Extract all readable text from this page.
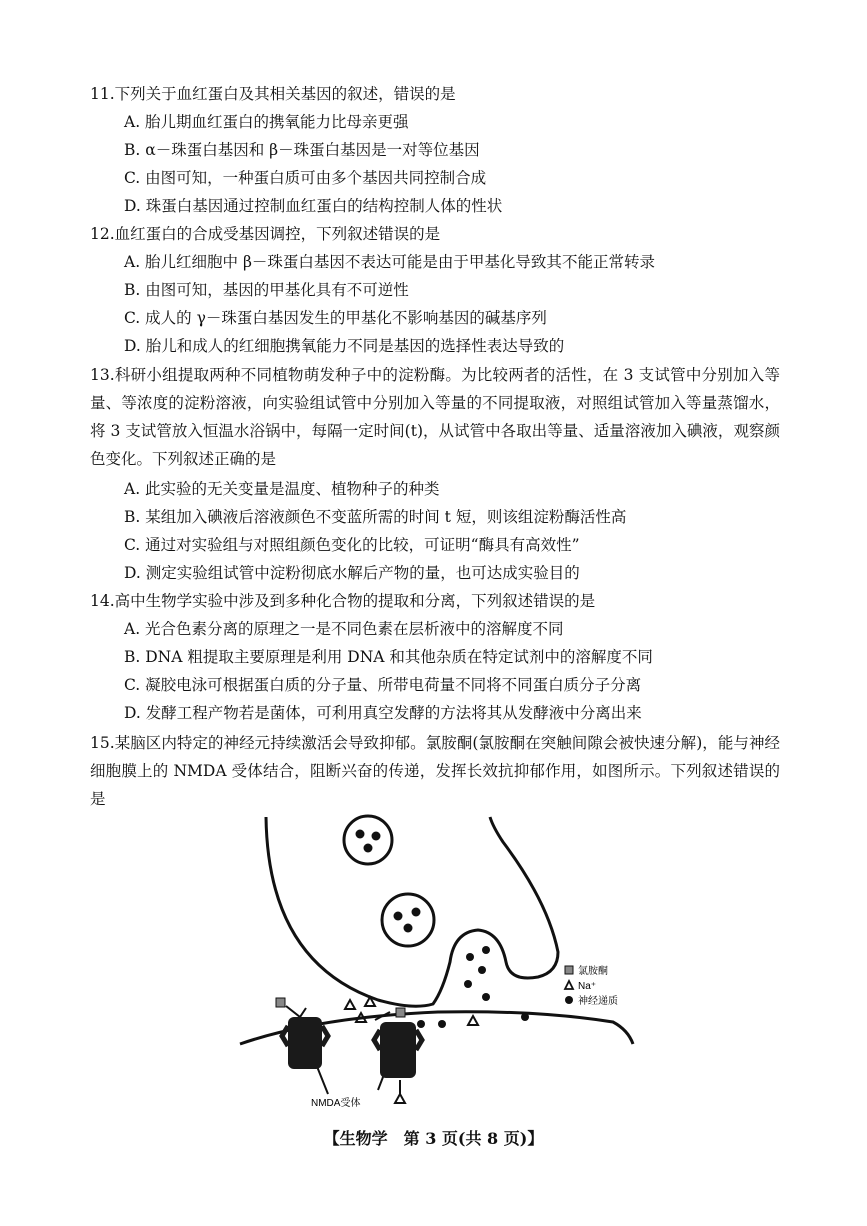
11.下列关于血红蛋白及其相关基因的叙述，错误的是
A. 胎儿期血红蛋白的携氧能力比母亲更强
B. α－珠蛋白基因和 β－珠蛋白基因是一对等位基因
C. 由图可知，一种蛋白质可由多个基因共同控制合成
D. 珠蛋白基因通过控制血红蛋白的结构控制人体的性状
12.血红蛋白的合成受基因调控，下列叙述错误的是
A. 胎儿红细胞中 β－珠蛋白基因不表达可能是由于甲基化导致其不能正常转录
B. 由图可知，基因的甲基化具有不可逆性
C. 成人的 γ－珠蛋白基因发生的甲基化不影响基因的碱基序列
D. 胎儿和成人的红细胞携氧能力不同是基因的选择性表达导致的
13.科研小组提取两种不同植物萌发种子中的淀粉酶。为比较两者的活性，在 3 支试管中分别加入等量、等浓度的淀粉溶液，向实验组试管中分别加入等量的不同提取液，对照组试管加入等量蒸馏水，将 3 支试管放入恒温水浴锅中，每隔一定时间(t)，从试管中各取出等量、适量溶液加入碘液，观察颜色变化。下列叙述正确的是
A. 此实验的无关变量是温度、植物种子的种类
B. 某组加入碘液后溶液颜色不变蓝所需的时间 t 短，则该组淀粉酶活性高
C. 通过对实验组与对照组颜色变化的比较，可证明“酶具有高效性”
D. 测定实验组试管中淀粉彻底水解后产物的量，也可达成实验目的
14.高中生物学实验中涉及到多种化合物的提取和分离，下列叙述错误的是
A. 光合色素分离的原理之一是不同色素在层析液中的溶解度不同
B. DNA 粗提取主要原理是利用 DNA 和其他杂质在特定试剂中的溶解度不同
C. 凝胶电泳可根据蛋白质的分子量、所带电荷量不同将不同蛋白质分子分离
D. 发酵工程产物若是菌体，可利用真空发酵的方法将其从发酵液中分离出来
15.某脑区内特定的神经元持续激活会导致抑郁。氯胺酮(氯胺酮在突触间隙会被快速分解)，能与神经细胞膜上的 NMDA 受体结合，阻断兴奋的传递，发挥长效抗抑郁作用，如图所示。下列叙述错误的是
NMDA受体
氯胺酮
Na⁺
神经递质
【生物学　第 3 页(共 8 页)】
